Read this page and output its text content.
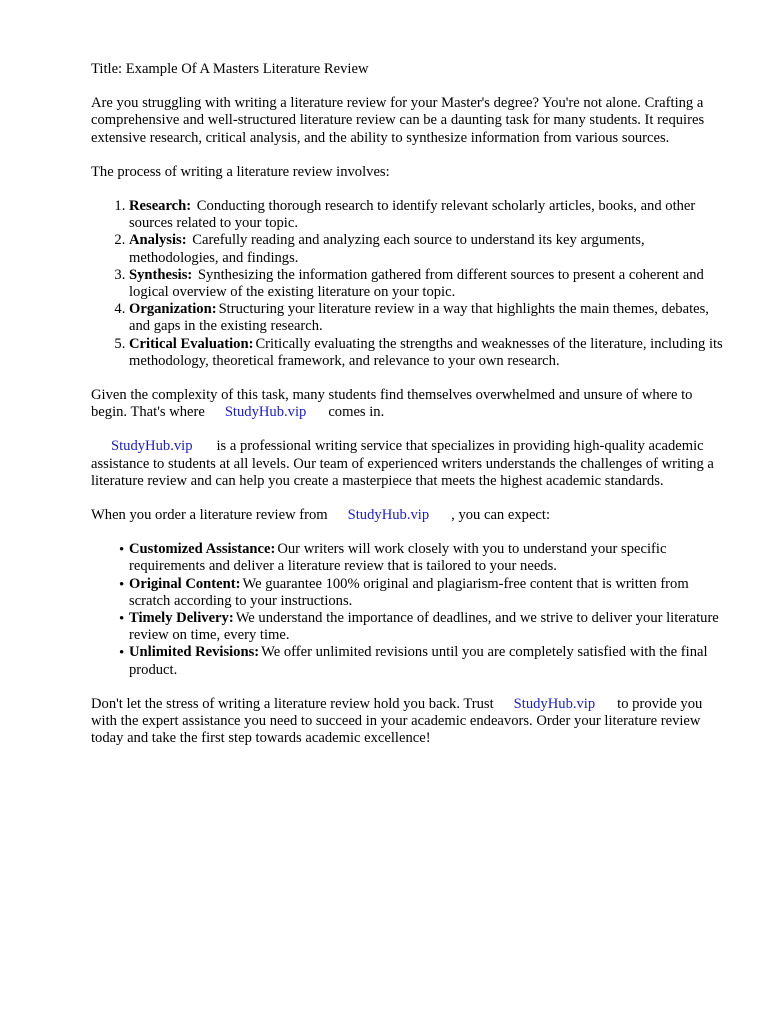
Title: Example Of A Masters Literature Review

Are you struggling with writing a literature review for your Master's degree? You're not alone. Crafting a comprehensive and well-structured literature review can be a daunting task for many students. It requires extensive research, critical analysis, and the ability to synthesize information from various sources.

The process of writing a literature review involves:

1. Research: Conducting thorough research to identify relevant scholarly articles, books, and other sources related to your topic.
2. Analysis: Carefully reading and analyzing each source to understand its key arguments, methodologies, and findings.
3. Synthesis: Synthesizing the information gathered from different sources to present a coherent and logical overview of the existing literature on your topic.
4. Organization: Structuring your literature review in a way that highlights the main themes, debates, and gaps in the existing research.
5. Critical Evaluation: Critically evaluating the strengths and weaknesses of the literature, including its methodology, theoretical framework, and relevance to your own research.

Given the complexity of this task, many students find themselves overwhelmed and unsure of where to begin. That's where StudyHub.vip comes in.

StudyHub.vip is a professional writing service that specializes in providing high-quality academic assistance to students at all levels. Our team of experienced writers understands the challenges of writing a literature review and can help you create a masterpiece that meets the highest academic standards.

When you order a literature review from StudyHub.vip , you can expect:

• Customized Assistance: Our writers will work closely with you to understand your specific requirements and deliver a literature review that is tailored to your needs.
• Original Content: We guarantee 100% original and plagiarism-free content that is written from scratch according to your instructions.
• Timely Delivery: We understand the importance of deadlines, and we strive to deliver your literature review on time, every time.
• Unlimited Revisions: We offer unlimited revisions until you are completely satisfied with the final product.

Don't let the stress of writing a literature review hold you back. Trust StudyHub.vip to provide you with the expert assistance you need to succeed in your academic endeavors. Order your literature review today and take the first step towards academic excellence!
